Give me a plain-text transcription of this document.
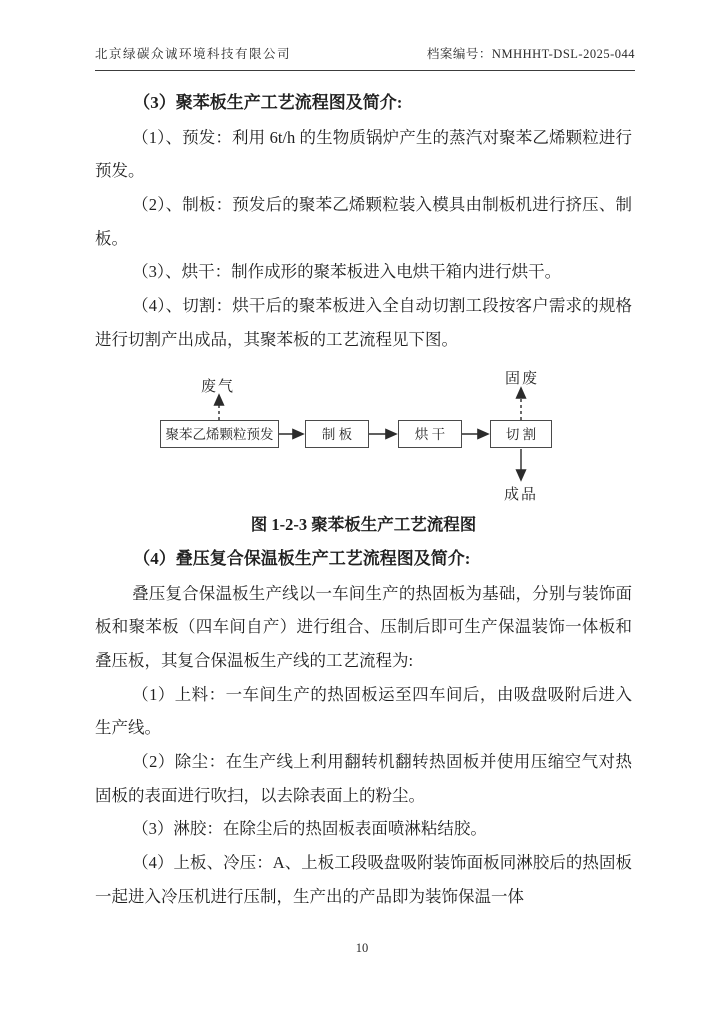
北京绿碳众诚环境科技有限公司	档案编号：NMHHHT-DSL-2025-044

（3）聚苯板生产工艺流程图及简介:

（1）、预发：利用 6t/h 的生物质锅炉产生的蒸汽对聚苯乙烯颗粒进行预发。

（2）、制板：预发后的聚苯乙烯颗粒装入模具由制板机进行挤压、制板。

（3）、烘干：制作成形的聚苯板进入电烘干箱内进行烘干。

（4）、切割：烘干后的聚苯板进入全自动切割工段按客户需求的规格进行切割产出成品，其聚苯板的工艺流程见下图。

废气	固废
聚苯乙烯颗粒预发	制 板	烘 干	切 割
成品

图 1-2-3 聚苯板生产工艺流程图

（4）叠压复合保温板生产工艺流程图及简介:

叠压复合保温板生产线以一车间生产的热固板为基础，分别与装饰面板和聚苯板（四车间自产）进行组合、压制后即可生产保温装饰一体板和叠压板，其复合保温板生产线的工艺流程为:

（1）上料：一车间生产的热固板运至四车间后，由吸盘吸附后进入生产线。

（2）除尘：在生产线上利用翻转机翻转热固板并使用压缩空气对热固板的表面进行吹扫，以去除表面上的粉尘。

（3）淋胶：在除尘后的热固板表面喷淋粘结胶。

（4）上板、冷压：A、上板工段吸盘吸附装饰面板同淋胶后的热固板一起进入冷压机进行压制，生产出的产品即为装饰保温一体

10
